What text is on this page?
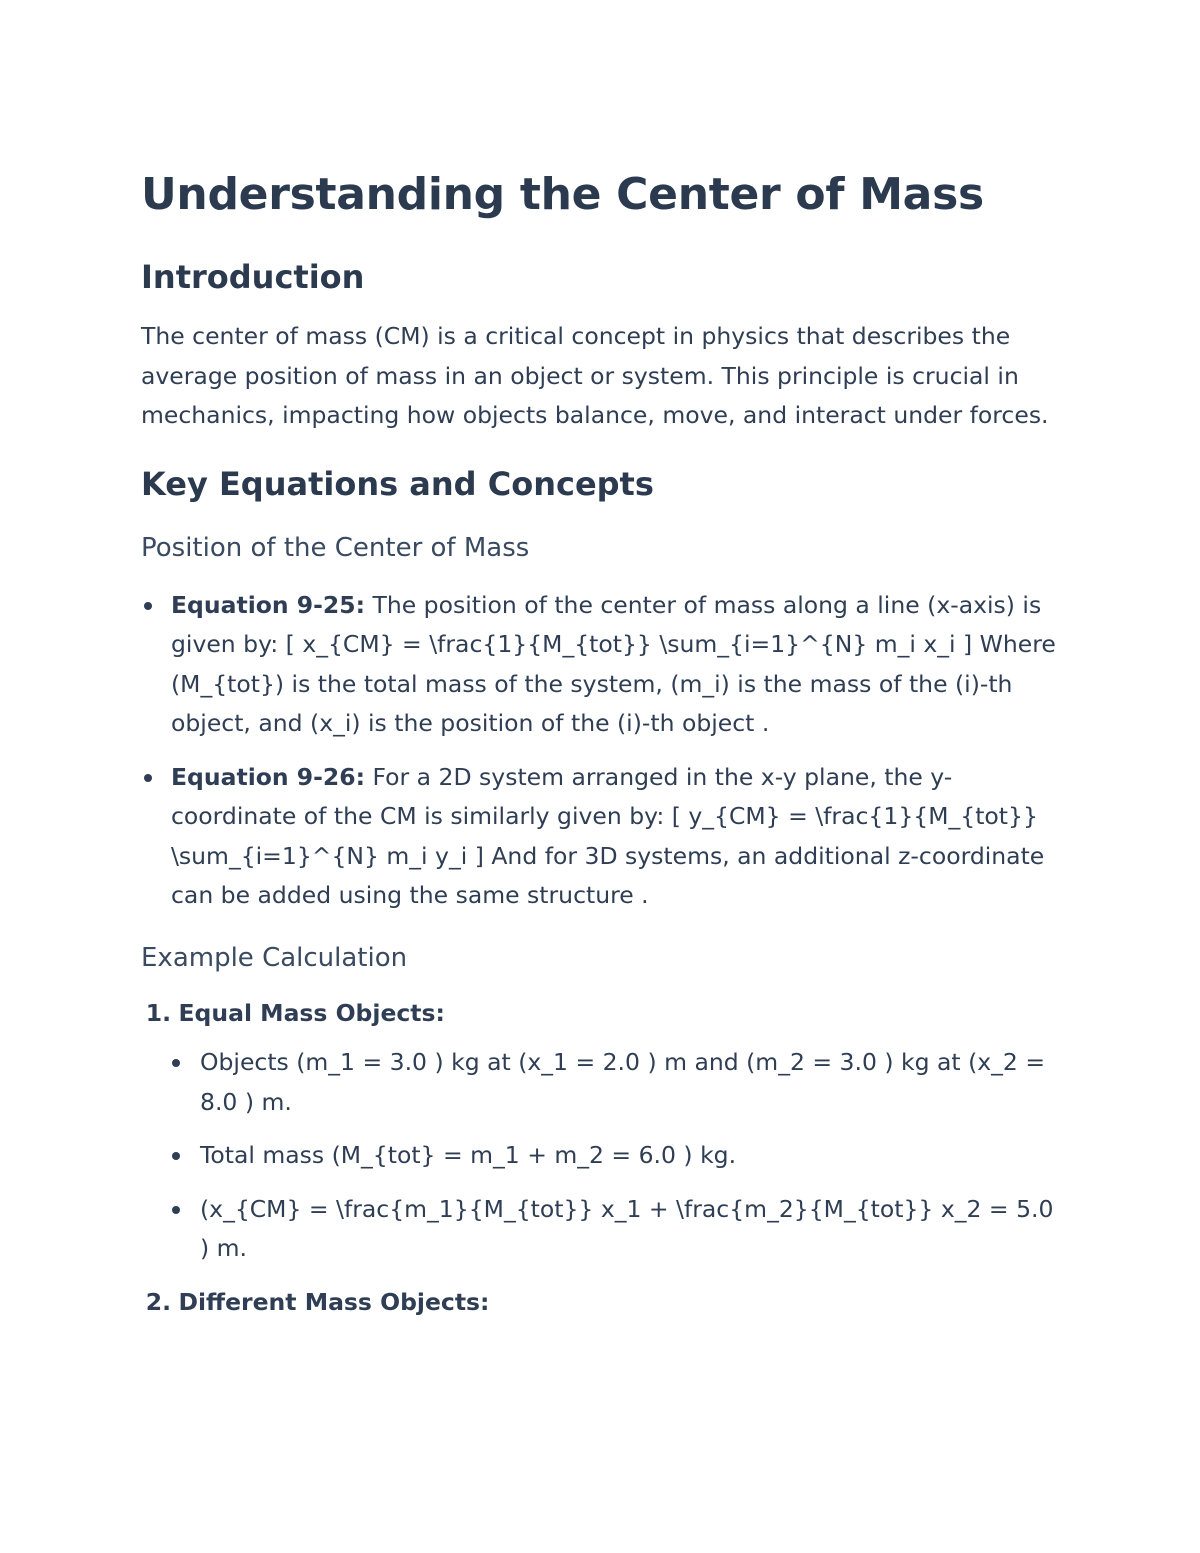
Understanding the Center of Mass
Introduction

The center of mass (CM) is a critical concept in physics that describes the average position of mass in an object or system. This principle is crucial in mechanics, impacting how objects balance, move, and interact under forces.

Key Equations and Concepts
Position of the Center of Mass
Equation 9-25: The position of the center of mass along a line (x-axis) is given by: [ x_{CM} = \frac{1}{M_{tot}} \sum_{i=1}^{N} m_i x_i ] Where (M_{tot}) is the total mass of the system, (m_i) is the mass of the (i)-th object, and (x_i) is the position of the (i)-th object .
Equation 9-26: For a 2D system arranged in the x-y plane, the y-coordinate of the CM is similarly given by: [ y_{CM} = \frac{1}{M_{tot}} \sum_{i=1}^{N} m_i y_i ] And for 3D systems, an additional z-coordinate can be added using the same structure .
Example Calculation
1. Equal Mass Objects:
Objects (m_1 = 3.0 ) kg at (x_1 = 2.0 ) m and (m_2 = 3.0 ) kg at (x_2 = 8.0 ) m.
Total mass (M_{tot} = m_1 + m_2 = 6.0 ) kg.
(x_{CM} = \frac{m_1}{M_{tot}} x_1 + \frac{m_2}{M_{tot}} x_2 = 5.0 ) m.
2. Different Mass Objects:
